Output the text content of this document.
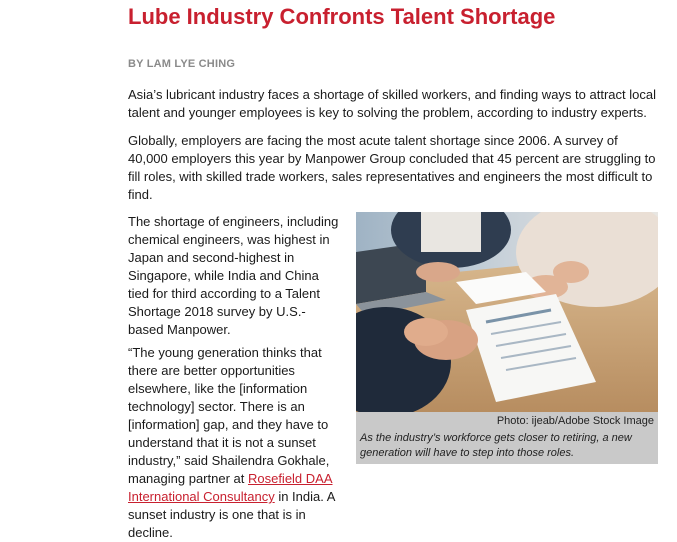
Lube Industry Confronts Talent Shortage
BY LAM LYE CHING

Asia’s lubricant industry faces a shortage of skilled workers, and finding ways to attract local talent and younger employees is key to solving the problem, according to industry experts.

Globally, employers are facing the most acute talent shortage since 2006. A survey of 40,000 employers this year by Manpower Group concluded that 45 percent are struggling to fill roles, with skilled trade workers, sales representatives and engineers the most difficult to find.

The shortage of engineers, including chemical engineers, was highest in Japan and second-highest in Singapore, while India and China tied for third according to a Talent Shortage 2018 survey by U.S.-based Manpower.

“The young generation thinks that there are better opportunities elsewhere, like the [information technology] sector. There is an [information] gap, and they have to understand that it is not a sunset industry,” said Shailendra Gokhale, managing partner at Rosefield DAA International Consultancy in India. A sunset industry is one that is in decline.

Photo: ijeab/Adobe Stock Image

As the industry’s workforce gets closer to retiring, a new generation will have to step into those roles.
